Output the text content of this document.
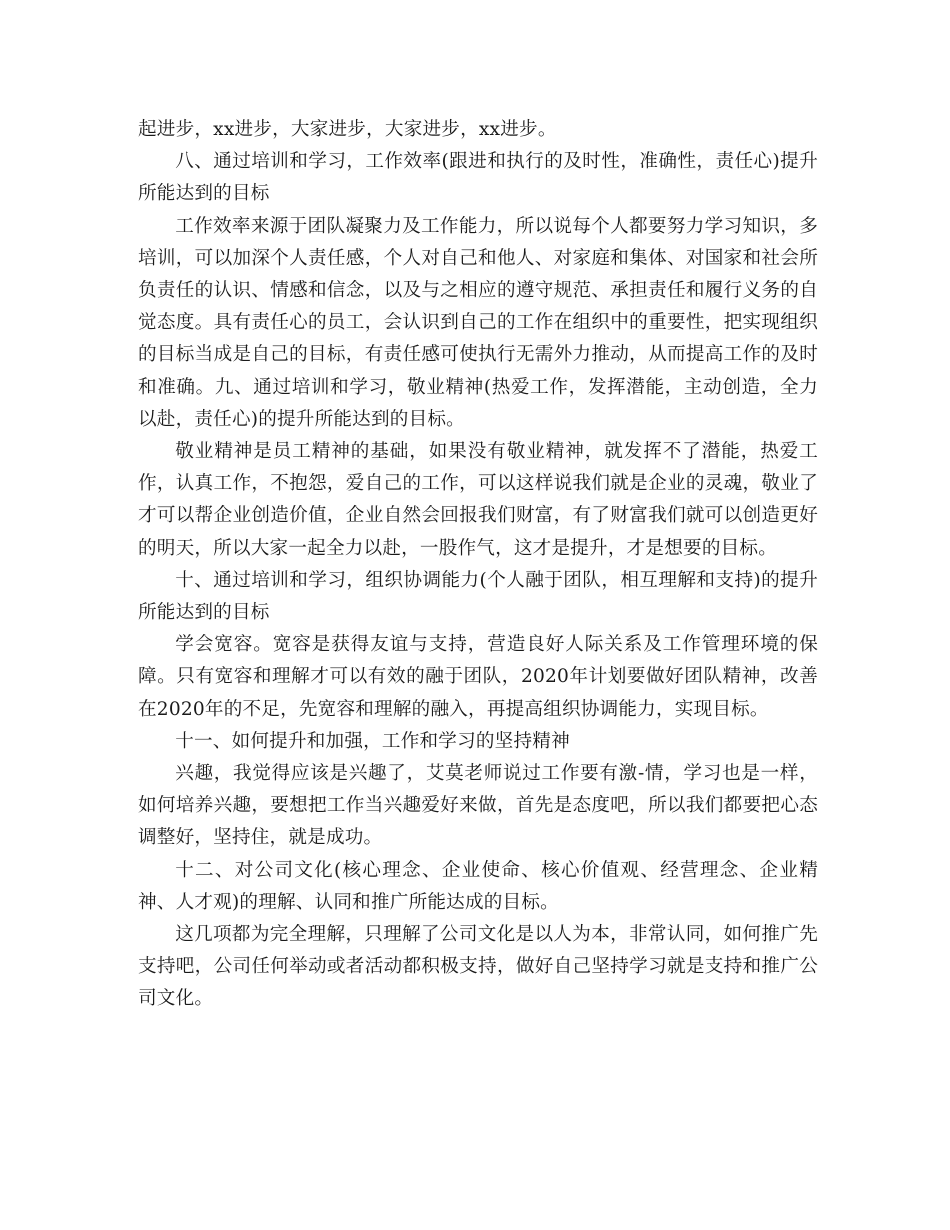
起进步，xx进步，大家进步，大家进步，xx进步。

八、通过培训和学习，工作效率(跟进和执行的及时性，准确性，责任心)提升所能达到的目标

工作效率来源于团队凝聚力及工作能力，所以说每个人都要努力学习知识，多培训，可以加深个人责任感，个人对自己和他人、对家庭和集体、对国家和社会所负责任的认识、情感和信念，以及与之相应的遵守规范、承担责任和履行义务的自觉态度。具有责任心的员工，会认识到自己的工作在组织中的重要性，把实现组织的目标当成是自己的目标，有责任感可使执行无需外力推动，从而提高工作的及时和准确。九、通过培训和学习，敬业精神(热爱工作，发挥潜能，主动创造，全力以赴，责任心)的提升所能达到的目标。

敬业精神是员工精神的基础，如果没有敬业精神，就发挥不了潜能，热爱工作，认真工作，不抱怨，爱自己的工作，可以这样说我们就是企业的灵魂，敬业了才可以帮企业创造价值，企业自然会回报我们财富，有了财富我们就可以创造更好的明天，所以大家一起全力以赴，一股作气，这才是提升，才是想要的目标。

十、通过培训和学习，组织协调能力(个人融于团队，相互理解和支持)的提升所能达到的目标

学会宽容。宽容是获得友谊与支持，营造良好人际关系及工作管理环境的保障。只有宽容和理解才可以有效的融于团队，2020年计划要做好团队精神，改善在2020年的不足，先宽容和理解的融入，再提高组织协调能力，实现目标。

十一、如何提升和加强，工作和学习的坚持精神

兴趣，我觉得应该是兴趣了，艾莫老师说过工作要有激-情，学习也是一样，如何培养兴趣，要想把工作当兴趣爱好来做，首先是态度吧，所以我们都要把心态调整好，坚持住，就是成功。

十二、对公司文化(核心理念、企业使命、核心价值观、经营理念、企业精神、人才观)的理解、认同和推广所能达成的目标。

这几项都为完全理解，只理解了公司文化是以人为本，非常认同，如何推广先支持吧，公司任何举动或者活动都积极支持，做好自己坚持学习就是支持和推广公司文化。
